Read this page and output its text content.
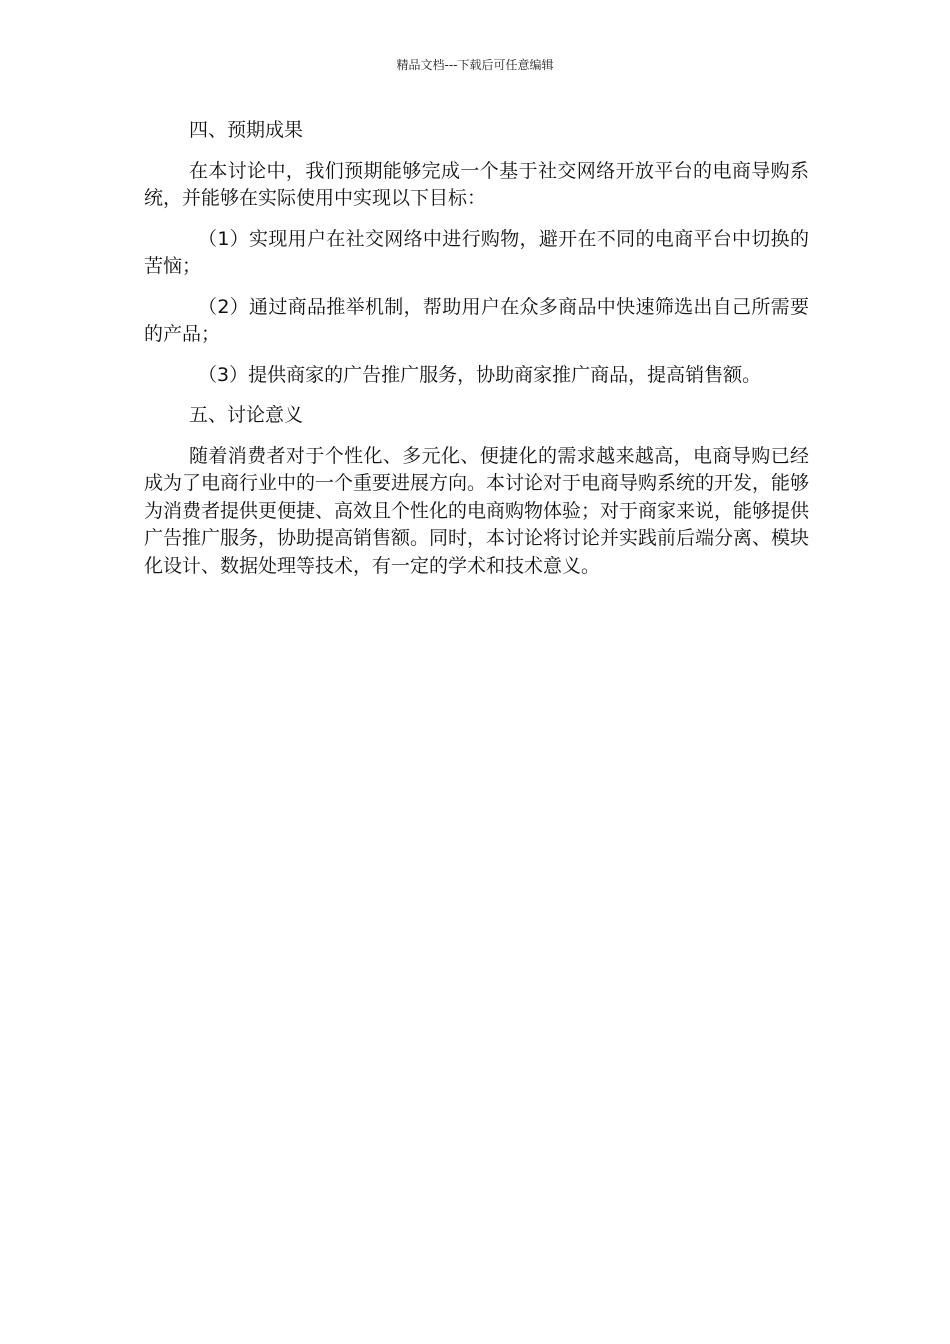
精品文档---下载后可任意编辑

四、预期成果

在本讨论中，我们预期能够完成一个基于社交网络开放平台的电商导购系统，并能够在实际使用中实现以下目标：

（1）实现用户在社交网络中进行购物，避开在不同的电商平台中切换的苦恼；

（2）通过商品推举机制，帮助用户在众多商品中快速筛选出自己所需要的产品；

（3）提供商家的广告推广服务，协助商家推广商品，提高销售额。

五、讨论意义

随着消费者对于个性化、多元化、便捷化的需求越来越高，电商导购已经成为了电商行业中的一个重要进展方向。本讨论对于电商导购系统的开发，能够为消费者提供更便捷、高效且个性化的电商购物体验；对于商家来说，能够提供广告推广服务，协助提高销售额。同时，本讨论将讨论并实践前后端分离、模块化设计、数据处理等技术，有一定的学术和技术意义。
